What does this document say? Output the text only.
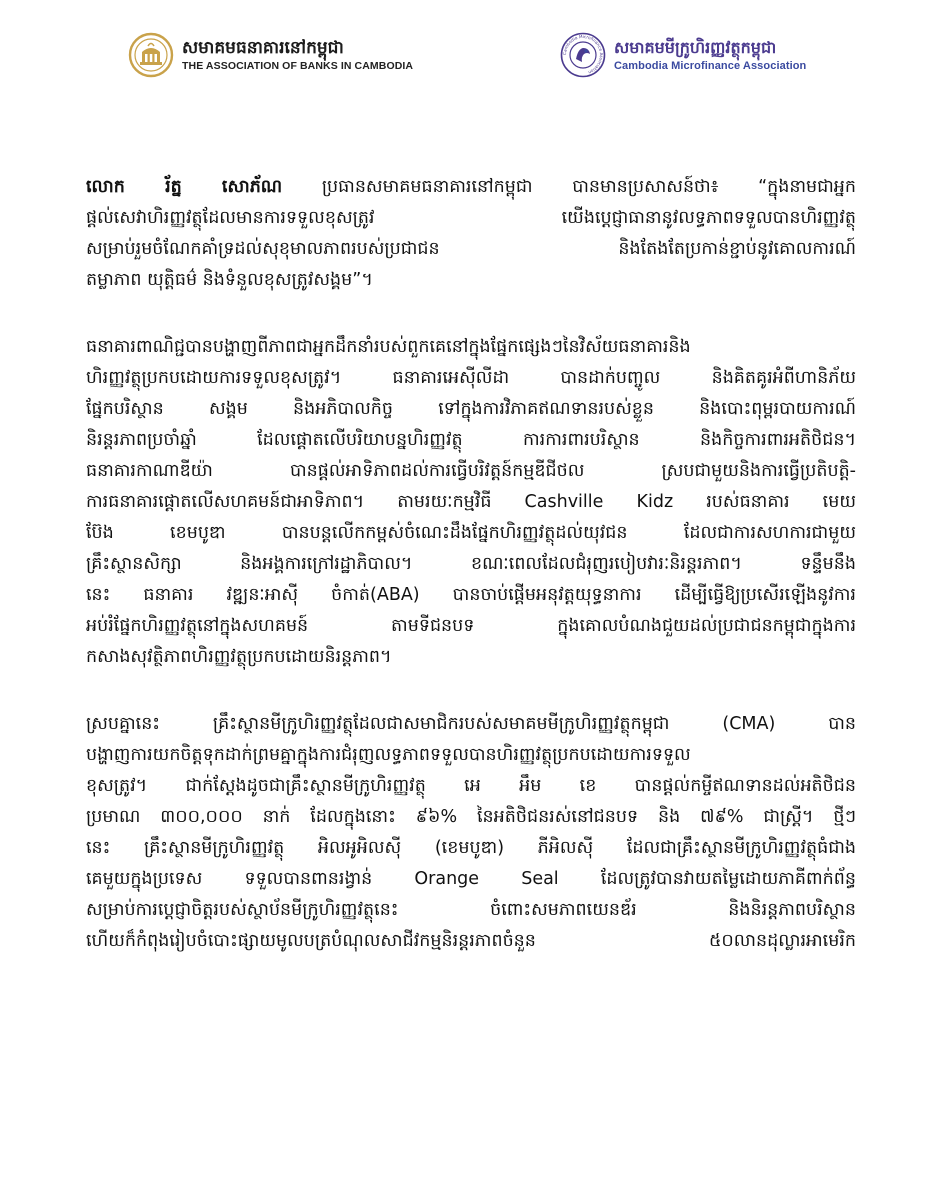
សមាគមធនាគារនៅកម្ពុជា
THE ASSOCIATION OF BANKS IN CAMBODIA
Cambodia Microfinance Association
សមាគមមីក្រូហិរញ្ញវត្ថុកម្ពុជា
Cambodia Microfinance Association
លោក រ័ត្ន សោភ័ណ ប្រធានសមាគមធនាគារនៅកម្ពុជា បានមានប្រសាសន៍ថា៖ “ក្នុងនាមជាអ្នក
ផ្តល់សេវាហិរញ្ញវត្ថុដែលមានការទទួលខុសត្រូវ យើងប្តេជ្ញាធានានូវលទ្ធភាពទទួលបានហិរញ្ញវត្ថុ
សម្រាប់រួមចំណែកគាំទ្រដល់សុខុមាលភាពរបស់ប្រជាជន និងតែងតែប្រកាន់ខ្ជាប់នូវគោលការណ៍
តម្លាភាព យុត្តិធម៌ និងទំនួលខុសត្រូវសង្គម”។
ធនាគារពាណិជ្ជបានបង្ហាញពីភាពជាអ្នកដឹកនាំរបស់ពួកគេនៅក្នុងផ្នែកផ្សេងៗនៃវិស័យធនាគារនិង
ហិរញ្ញវត្ថុប្រកបដោយការទទួលខុសត្រូវ។ ធនាគារអេស៊ីលីដា បានដាក់បញ្ចូល និងគិតគូរអំពីហានិភ័យ
ផ្នែកបរិស្ថាន សង្គម និងអភិបាលកិច្ច ទៅក្នុងការវិភាគឥណទានរបស់ខ្លួន និងបោះពុម្ពរបាយការណ៍
និរន្តរភាពប្រចាំឆ្នាំ ដែលផ្តោតលើបរិយាបន្នហិរញ្ញវត្ថុ ការការពារបរិស្ថាន និងកិច្ចការពារអតិថិជន។
ធនាគារកាណាឌីយ៉ា បានផ្តល់អាទិភាពដល់ការធ្វើបរិវត្តន៍កម្មឌីជីថល ស្របជាមួយនិងការធ្វើប្រតិបត្តិ-
ការធនាគារផ្តោតលើសហគមន៍ជាអាទិភាព។ តាមរយៈកម្មវិធី Cashville Kidz របស់ធនាគារ មេយ
ប៊ែង ខេមបូឌា បានបន្តលើកកម្ពស់ចំណេះដឹងផ្នែកហិរញ្ញវត្ថុដល់យុវជន ដែលជាការសហការជាមួយ
គ្រឹះស្ថានសិក្សា និងអង្គការក្រៅរដ្ឋាភិបាល។ ខណៈពេលដែលជំរុញរបៀបវារៈនិរន្តរភាព។ ទន្ទឹមនឹង
នេះ ធនាគារ វឌ្ឍនៈអាស៊ី ចំកាត់(ABA) បានចាប់ផ្តើមអនុវត្តយុទ្ធនាការ ដើម្បីធ្វើឱ្យប្រសើរឡើងនូវការ
អប់រំផ្នែកហិរញ្ញវត្ថុនៅក្នុងសហគមន៍ តាមទីជនបទ ក្នុងគោលបំណងជួយដល់ប្រជាជនកម្ពុជាក្នុងការ
កសាងសុវត្ថិភាពហិរញ្ញវត្ថុប្រកបដោយនិរន្តភាព។
ស្របគ្នានេះ គ្រឹះស្ថានមីក្រូហិរញ្ញវត្ថុដែលជាសមាជិករបស់សមាគមមីក្រូហិរញ្ញវត្ថុកម្ពុជា (CMA) បាន
បង្ហាញការយកចិត្តទុកដាក់ព្រមគ្នាក្នុងការជំរុញលទ្ធភាពទទួលបានហិរញ្ញវត្ថុប្រកបដោយការទទួល
ខុសត្រូវ។ ជាក់ស្តែងដូចជាគ្រឹះស្ថានមីក្រូហិរញ្ញវត្ថុ អេ អឹម ខេ បានផ្តល់កម្ចីឥណទានដល់អតិថិជន
ប្រមាណ ៣០០,០០០ នាក់ ដែលក្នុងនោះ ៩៦% នៃអតិថិជនរស់នៅជនបទ និង ៧៩% ជាស្ត្រី។ ថ្មីៗ
នេះ គ្រឹះស្ថានមីក្រូហិរញ្ញវត្ថុ អិលអូអិលស៊ី (ខេមបូឌា) ភីអិលស៊ី ដែលជាគ្រឹះស្ថានមីក្រូហិរញ្ញវត្ថុធំជាង
គេមួយក្នុងប្រទេស ទទួលបានពានរង្វាន់ Orange Seal ដែលត្រូវបានវាយតម្លៃដោយភាគីពាក់ព័ន្ធ
សម្រាប់ការប្តេជ្ញាចិត្តរបស់ស្ថាប័នមីក្រូហិរញ្ញវត្ថុនេះ ចំពោះសមភាពយេនឌ័រ និងនិរន្តភាពបរិស្ថាន
ហើយក៏កំពុងរៀបចំបោះផ្សាយមូលបត្របំណុលសាជីវកម្មនិរន្តរភាពចំនួន ៥០លានដុល្លារអាមេរិក
